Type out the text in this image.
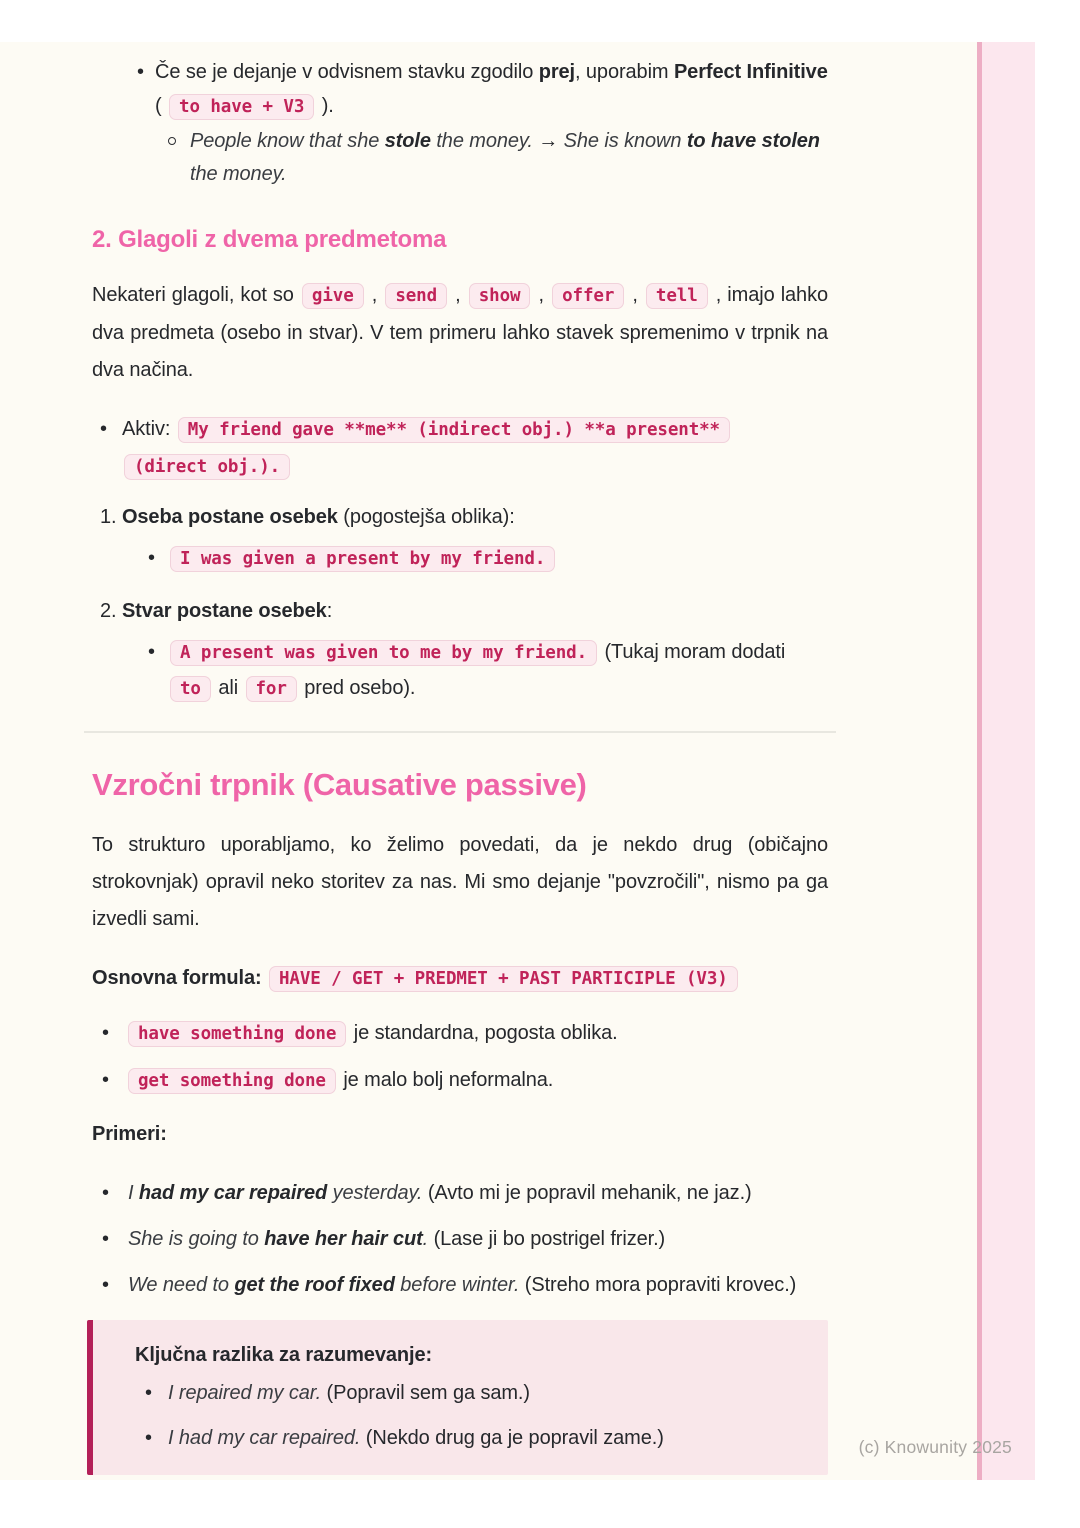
• Če se je dejanje v odvisnem stavku zgodilo prej, uporabim Perfect Infinitive ( to have + V3 ).
People know that she stole the money. → She is known to have stolen the money.
2. Glagoli z dvema predmetoma

Nekateri glagoli, kot so give , send , show , offer , tell , imajo lahko dva predmeta (osebo in stvar). V tem primeru lahko stavek spremenimo v trpnik na dva načina.

• Aktiv: My friend gave **me** (indirect obj.) **a present** (direct obj.).
1. Oseba postane osebek (pogostejša oblika):
• I was given a present by my friend.
2. Stvar postane osebek:
• A present was given to me by my friend. (Tukaj moram dodati
to ali for pred osebo).
Vzročni trpnik (Causative passive)

To strukturo uporabljamo, ko želimo povedati, da je nekdo drug (običajno strokovnjak) opravil neko storitev za nas. Mi smo dejanje "povzročili", nismo pa ga izvedli sami.

Osnovna formula: HAVE / GET + PREDMET + PAST PARTICIPLE (V3)

• have something done je standardna, pogosta oblika.
• get something done je malo bolj neformalna.

Primeri:

• I had my car repaired yesterday. (Avto mi je popravil mehanik, ne jaz.)
• She is going to have her hair cut. (Lase ji bo postrigel frizer.)
• We need to get the roof fixed before winter. (Streho mora popraviti krovec.)
Ključna razlika za razumevanje:
• I repaired my car. (Popravil sem ga sam.)
• I had my car repaired. (Nekdo drug ga je popravil zame.)	(c) Knowunity 2025
